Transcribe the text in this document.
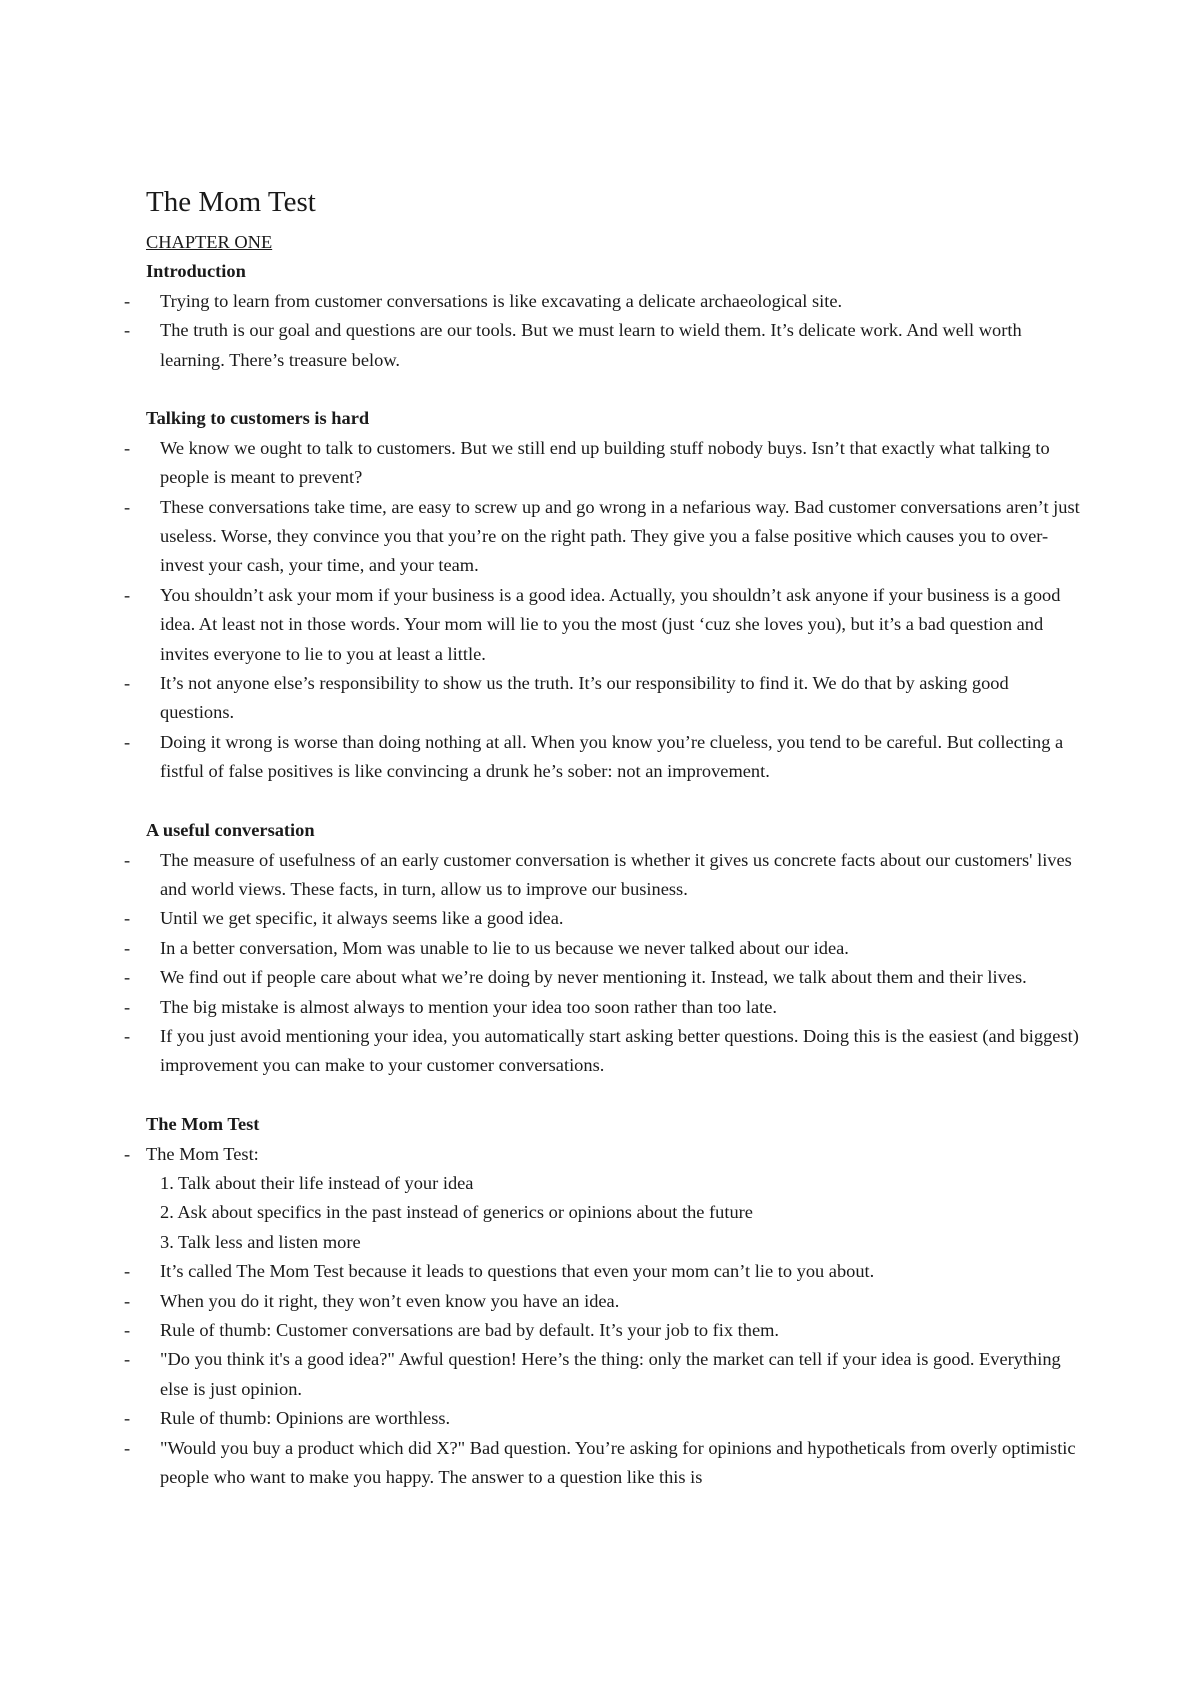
The Mom Test

CHAPTER ONE

Introduction

-	Trying to learn from customer conversations is like excavating a delicate archaeological site.
-	The truth is our goal and questions are our tools. But we must learn to wield them. It’s delicate work. And well worth learning. There’s treasure below.

Talking to customers is hard

-	We know we ought to talk to customers. But we still end up building stuff nobody buys. Isn’t that exactly what talking to people is meant to prevent?
-	These conversations take time, are easy to screw up and go wrong in a nefarious way. Bad customer conversations aren’t just useless. Worse, they convince you that you’re on the right path. They give you a false positive which causes you to over-invest your cash, your time, and your team.
-	You shouldn’t ask your mom if your business is a good idea. Actually, you shouldn’t ask anyone if your business is a good idea. At least not in those words. Your mom will lie to you the most (just ‘cuz she loves you), but it’s a bad question and invites everyone to lie to you at least a little.
-	It’s not anyone else’s responsibility to show us the truth. It’s our responsibility to find it. We do that by asking good questions.
-	Doing it wrong is worse than doing nothing at all. When you know you’re clueless, you tend to be careful. But collecting a fistful of false positives is like convincing a drunk he’s sober: not an improvement.

A useful conversation

-	The measure of usefulness of an early customer conversation is whether it gives us concrete facts about our customers' lives and world views. These facts, in turn, allow us to improve our business.
-	Until we get specific, it always seems like a good idea.
-	In a better conversation, Mom was unable to lie to us because we never talked about our idea.
-	We find out if people care about what we’re doing by never mentioning it. Instead, we talk about them and their lives.
-	The big mistake is almost always to mention your idea too soon rather than too late.
-	If you just avoid mentioning your idea, you automatically start asking better questions. Doing this is the easiest (and biggest) improvement you can make to your customer conversations.

The Mom Test

- The Mom Test:
1. Talk about their life instead of your idea
2. Ask about specifics in the past instead of generics or opinions about the future
3. Talk less and listen more
-	It’s called The Mom Test because it leads to questions that even your mom can’t lie to you about.
-	When you do it right, they won’t even know you have an idea.
-	Rule of thumb: Customer conversations are bad by default. It’s your job to fix them.
-	"Do you think it's a good idea?" Awful question! Here’s the thing: only the market can tell if your idea is good. Everything else is just opinion.
-	Rule of thumb: Opinions are worthless.
-	"Would you buy a product which did X?" Bad question. You’re asking for opinions and hypotheticals from overly optimistic people who want to make you happy. The answer to a question like this is
